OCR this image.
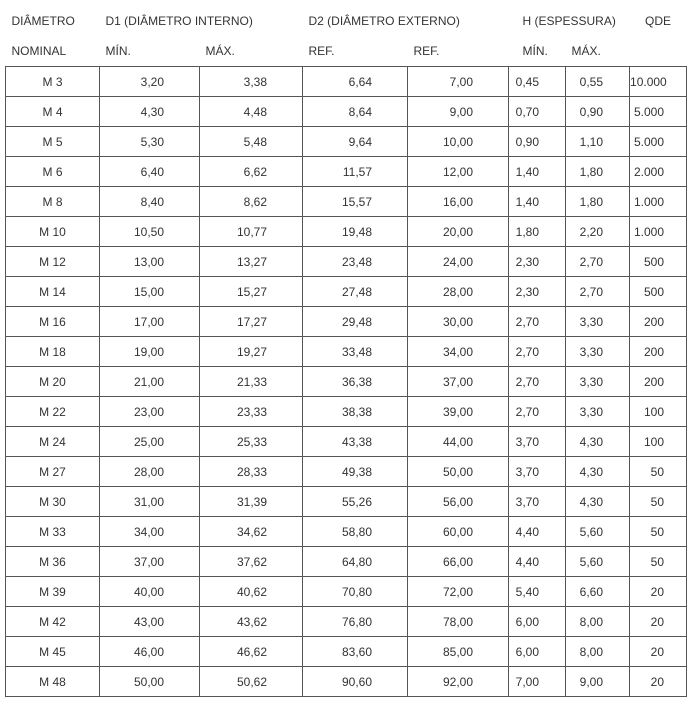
DIÂMETRO	D1 (DIÂMETRO INTERNO)		D2 (DIÂMETRO EXTERNO)		H (ESPESSURA)		QDE
NOMINAL	MÍN.	MÁX.	REF.	REF.	MÍN.	MÁX.	
M 3	3,20	3,38	6,64	7,00	0,45	0,55	10.000
M 4	4,30	4,48	8,64	9,00	0,70	0,90	5.000
M 5	5,30	5,48	9,64	10,00	0,90	1,10	5.000
M 6	6,40	6,62	11,57	12,00	1,40	1,80	2.000
M 8	8,40	8,62	15,57	16,00	1,40	1,80	1.000
M 10	10,50	10,77	19,48	20,00	1,80	2,20	1.000
M 12	13,00	13,27	23,48	24,00	2,30	2,70	500
M 14	15,00	15,27	27,48	28,00	2,30	2,70	500
M 16	17,00	17,27	29,48	30,00	2,70	3,30	200
M 18	19,00	19,27	33,48	34,00	2,70	3,30	200
M 20	21,00	21,33	36,38	37,00	2,70	3,30	200
M 22	23,00	23,33	38,38	39,00	2,70	3,30	100
M 24	25,00	25,33	43,38	44,00	3,70	4,30	100
M 27	28,00	28,33	49,38	50,00	3,70	4,30	50
M 30	31,00	31,39	55,26	56,00	3,70	4,30	50
M 33	34,00	34,62	58,80	60,00	4,40	5,60	50
M 36	37,00	37,62	64,80	66,00	4,40	5,60	50
M 39	40,00	40,62	70,80	72,00	5,40	6,60	20
M 42	43,00	43,62	76,80	78,00	6,00	8,00	20
M 45	46,00	46,62	83,60	85,00	6,00	8,00	20
M 48	50,00	50,62	90,60	92,00	7,00	9,00	20
